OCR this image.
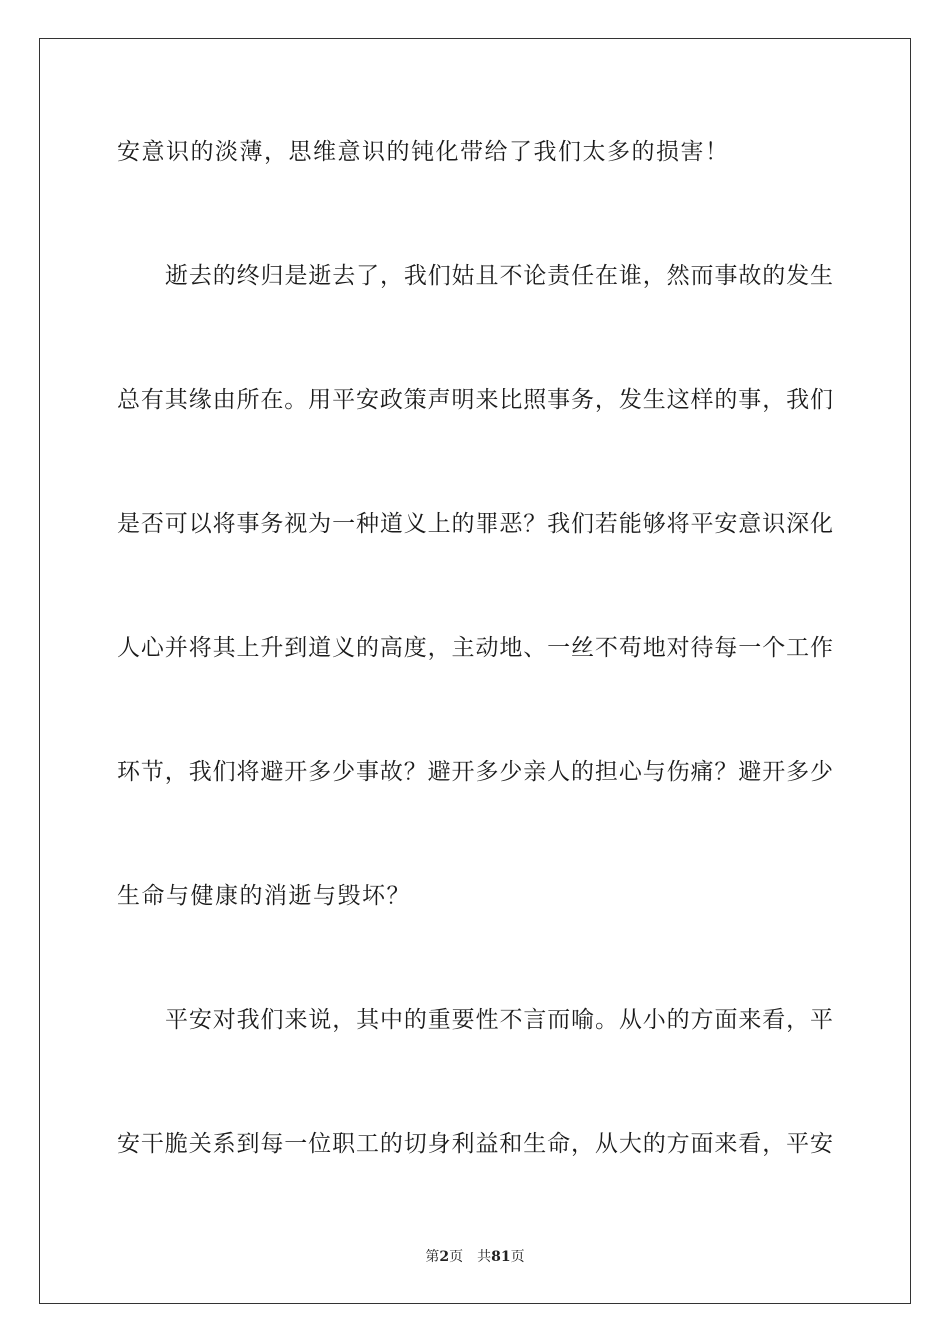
安意识的淡薄，思维意识的钝化带给了我们太多的损害！
逝去的终归是逝去了，我们姑且不论责任在谁，然而事故的发生
总有其缘由所在。用平安政策声明来比照事务，发生这样的事，我们
是否可以将事务视为一种道义上的罪恶？我们若能够将平安意识深化
人心并将其上升到道义的高度，主动地、一丝不苟地对待每一个工作
环节，我们将避开多少事故？避开多少亲人的担心与伤痛？避开多少
生命与健康的消逝与毁坏？
平安对我们来说，其中的重要性不言而喻。从小的方面来看，平
安干脆关系到每一位职工的切身利益和生命，从大的方面来看，平安
第2页 共81页
